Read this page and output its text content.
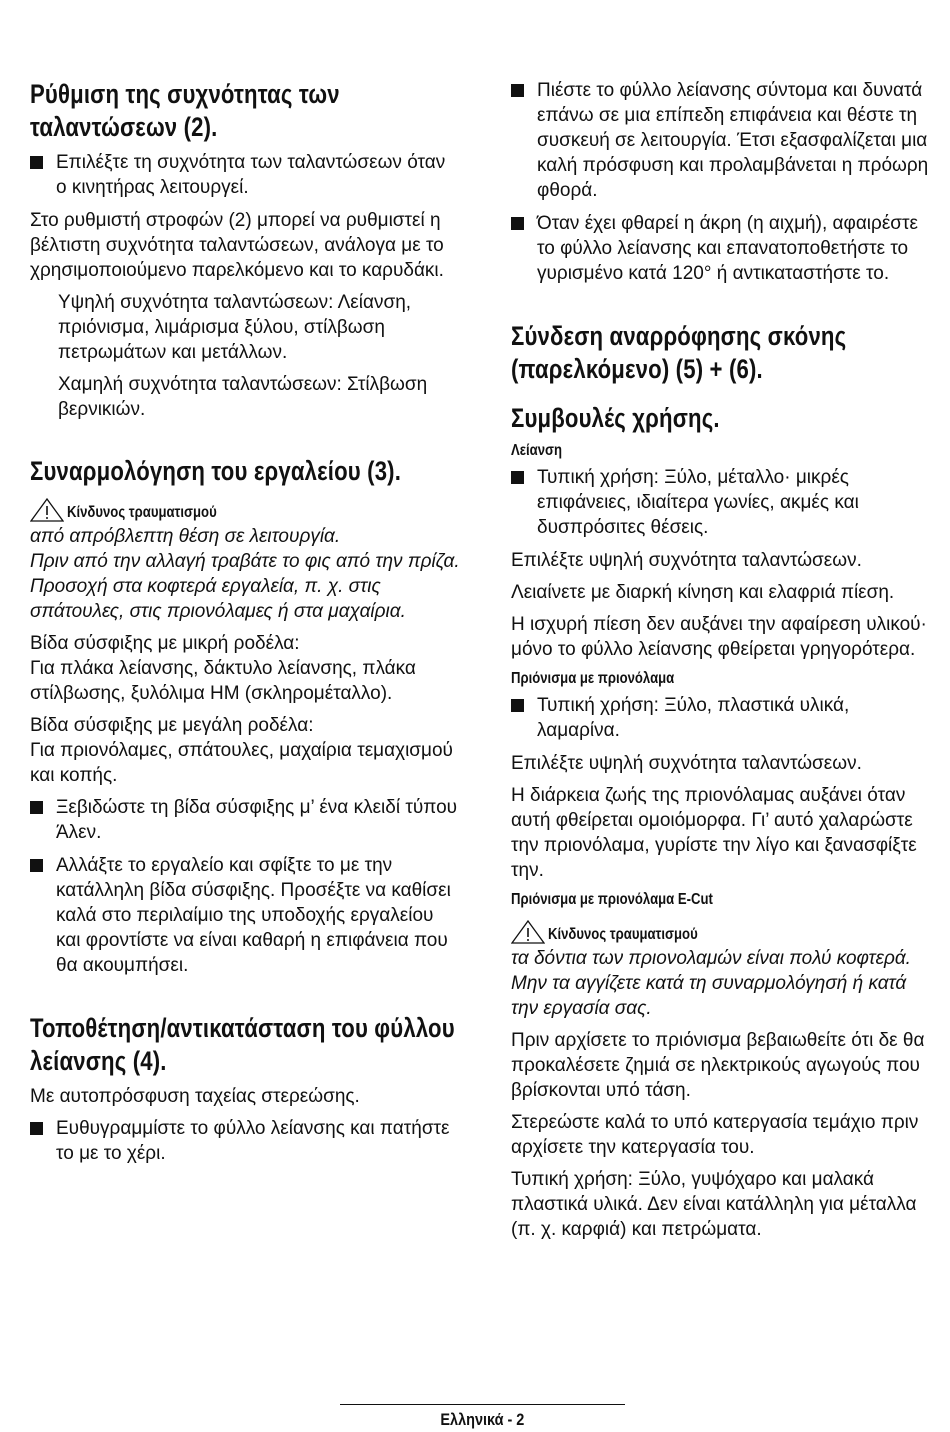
Ρύθμιση της συχνότητας των ταλαντώσεων (2).
Επιλέξτε τη συχνότητα των ταλαντώσεων όταν ο κινητήρας λειτουργεί.

Στο ρυθμιστή στροφών (2) μπορεί να ρυθμιστεί η βέλτιστη συχνότητα ταλαντώσεων, ανάλογα με το χρησιμοποιούμενο παρελκόμενο και το καρυδάκι.

Υψηλή συχνότητα ταλαντώσεων: Λείανση, πριόνισμα, λιμάρισμα ξύλου, στίλβωση πετρωμάτων και μετάλλων.
Χαμηλή συχνότητα ταλαντώσεων: Στίλβωση βερνικιών.
Συναρμολόγηση του εργαλείου (3).
Κίνδυνος τραυματισμού

από απρόβλεπτη θέση σε λειτουργία.

Πριν από την αλλαγή τραβάτε το φις από την πρίζα.

Προσοχή στα κοφτερά εργαλεία, π. χ. στις σπάτουλες, στις πριονόλαμες ή στα μαχαίρια.

Βίδα σύσφιξης με μικρή ροδέλα:
Για πλάκα λείανσης, δάκτυλο λείανσης, πλάκα στίλβωσης, ξυλόλιμα HM (σκληρομέταλλο).

Βίδα σύσφιξης με μεγάλη ροδέλα:
Για πριονόλαμες, σπάτουλες, μαχαίρια τεμαχισμού και κοπής.

Ξεβιδώστε τη βίδα σύσφιξης μ’ ένα κλειδί τύπου Άλεν.
Αλλάξτε το εργαλείο και σφίξτε το με την κατάλληλη βίδα σύσφιξης. Προσέξτε να καθίσει καλά στο περιλαίμιο της υποδοχής εργαλείου και φροντίστε να είναι καθαρή η επιφάνεια που θα ακουμπήσει.
Τοποθέτηση/αντικατάσταση του φύλλου λείανσης (4).

Με αυτοπρόσφυση ταχείας στερεώσης.

Ευθυγραμμίστε το φύλλο λείανσης και πατήστε το με το χέρι.
Πιέστε το φύλλο λείανσης σύντομα και δυνατά επάνω σε μια επίπεδη επιφάνεια και θέστε τη συσκευή σε λειτουργία. Έτσι εξασφαλίζεται μια καλή πρόσφυση και προλαμβάνεται η πρόωρη φθορά.
Όταν έχει φθαρεί η άκρη (η αιχμή), αφαιρέστε το φύλλο λείανσης και επανατοποθετήστε το γυρισμένο κατά 120° ή αντικαταστήστε το.
Σύνδεση αναρρόφησης σκόνης (παρελκόμενο) (5) + (6).
Συμβουλές χρήσης.
Λείανση
Τυπική χρήση: Ξύλο, μέταλλο· μικρές επιφάνειες, ιδιαίτερα γωνίες, ακμές και δυσπρόσιτες θέσεις.

Επιλέξτε υψηλή συχνότητα ταλαντώσεων.

Λειαίνετε με διαρκή κίνηση και ελαφριά πίεση.

Η ισχυρή πίεση δεν αυξάνει την αφαίρεση υλικού· μόνο το φύλλο λείανσης φθείρεται γρηγορότερα.

Πριόνισμα με πριονόλαμα
Τυπική χρήση: Ξύλο, πλαστικά υλικά, λαμαρίνα.

Επιλέξτε υψηλή συχνότητα ταλαντώσεων.

Η διάρκεια ζωής της πριονόλαμας αυξάνει όταν αυτή φθείρεται ομοιόμορφα. Γι’ αυτό χαλαρώστε την πριονόλαμα, γυρίστε την λίγο και ξανασφίξτε την.

Πριόνισμα με πριονόλαμα E-Cut
Κίνδυνος τραυματισμού

τα δόντια των πριονολαμών είναι πολύ κοφτερά. Μην τα αγγίζετε κατά τη συναρμολόγησή ή κατά την εργασία σας.

Πριν αρχίσετε το πριόνισμα βεβαιωθείτε ότι δε θα προκαλέσετε ζημιά σε ηλεκτρικούς αγωγούς που βρίσκονται υπό τάση.

Στερεώστε καλά το υπό κατεργασία τεμάχιο πριν αρχίσετε την κατεργασία του.

Τυπική χρήση: Ξύλο, γυψόχαρο και μαλακά πλαστικά υλικά. Δεν είναι κατάλληλη για μέταλλα (π. χ. καρφιά) και πετρώματα.

Ελληνικά - 2
